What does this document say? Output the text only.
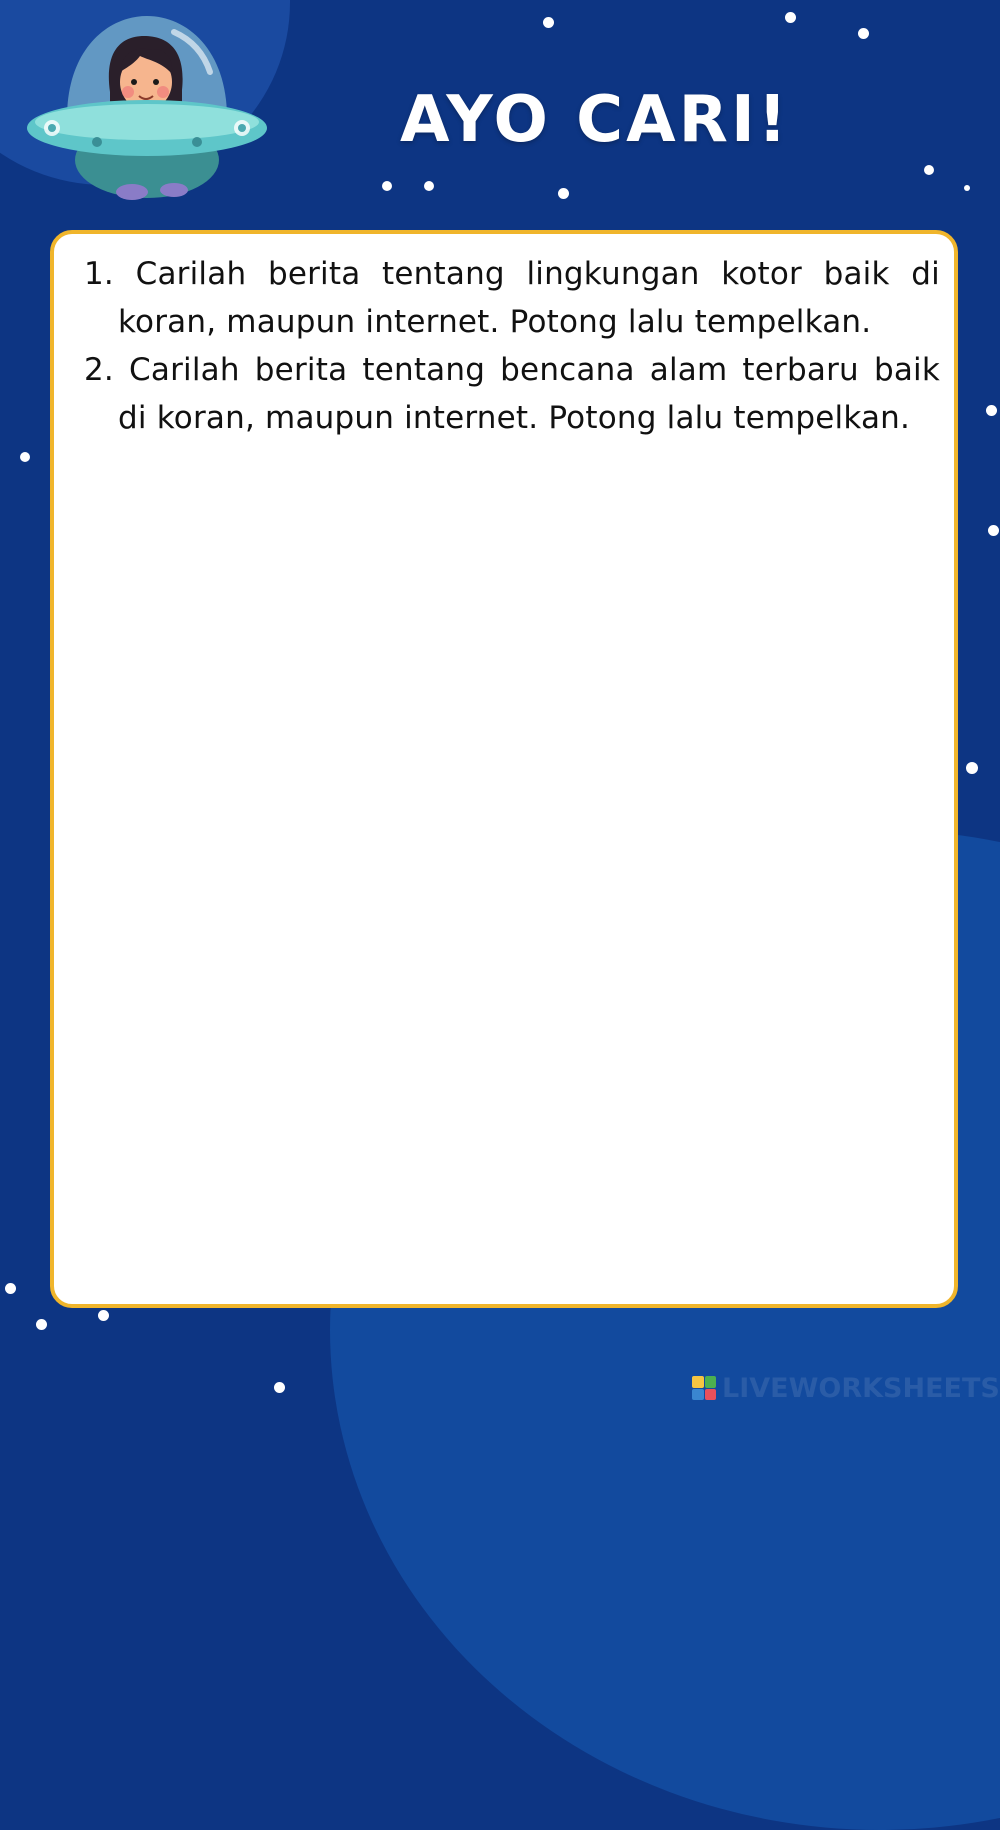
AYO CARI!
1. Carilah berita tentang lingkungan kotor baik di koran, maupun internet. Potong lalu tempelkan.
2. Carilah berita tentang bencana alam terbaru baik di koran, maupun internet. Potong lalu tempelkan.
LIVEWORKSHEETS
